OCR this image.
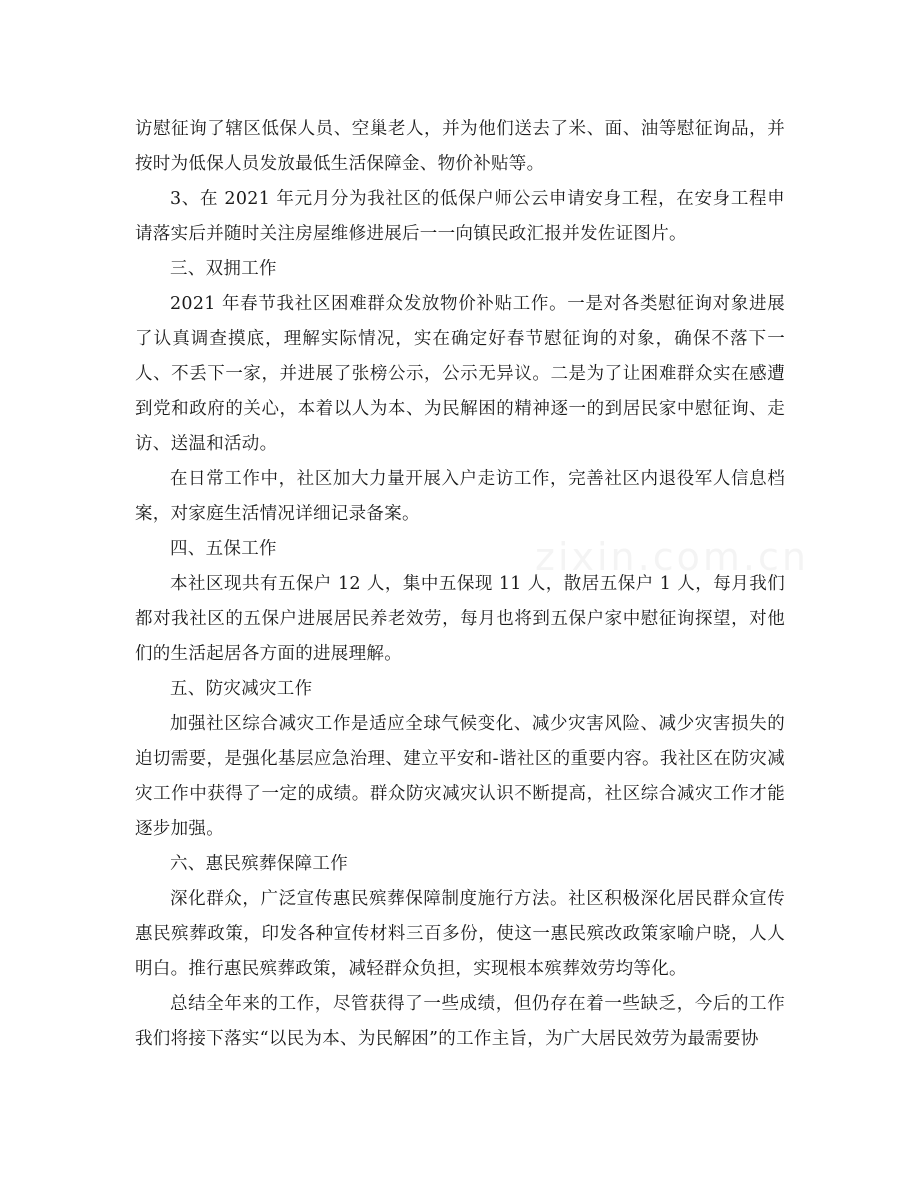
访慰征询了辖区低保人员、空巢老人，并为他们送去了米、面、油等慰征询品，并按时为低保人员发放最低生活保障金、物价补贴等。

3、在 2021 年元月分为我社区的低保户师公云申请安身工程，在安身工程申请落实后并随时关注房屋维修进展后一一向镇民政汇报并发佐证图片。

三、双拥工作

2021 年春节我社区困难群众发放物价补贴工作。一是对各类慰征询对象进展了认真调查摸底，理解实际情况，实在确定好春节慰征询的对象，确保不落下一人、不丢下一家，并进展了张榜公示，公示无异议。二是为了让困难群众实在感遭到党和政府的关心，本着以人为本、为民解困的精神逐一的到居民家中慰征询、走访、送温和活动。

在日常工作中，社区加大力量开展入户走访工作，完善社区内退役军人信息档案，对家庭生活情况详细记录备案。

四、五保工作

本社区现共有五保户 12 人，集中五保现 11 人，散居五保户 1 人，每月我们都对我社区的五保户进展居民养老效劳，每月也将到五保户家中慰征询探望，对他们的生活起居各方面的进展理解。

五、防灾减灾工作

加强社区综合减灾工作是适应全球气候变化、减少灾害风险、减少灾害损失的迫切需要，是强化基层应急治理、建立平安和-谐社区的重要内容。我社区在防灾减灾工作中获得了一定的成绩。群众防灾减灾认识不断提高，社区综合减灾工作才能逐步加强。

六、惠民殡葬保障工作

深化群众，广泛宣传惠民殡葬保障制度施行方法。社区积极深化居民群众宣传惠民殡葬政策，印发各种宣传材料三百多份，使这一惠民殡改政策家喻户晓，人人明白。推行惠民殡葬政策，减轻群众负担，实现根本殡葬效劳均等化。

总结全年来的工作，尽管获得了一些成绩，但仍存在着一些缺乏，今后的工作我们将接下落实“以民为本、为民解困”的工作主旨，为广大居民效劳为最需要协

zixin.com.cn
